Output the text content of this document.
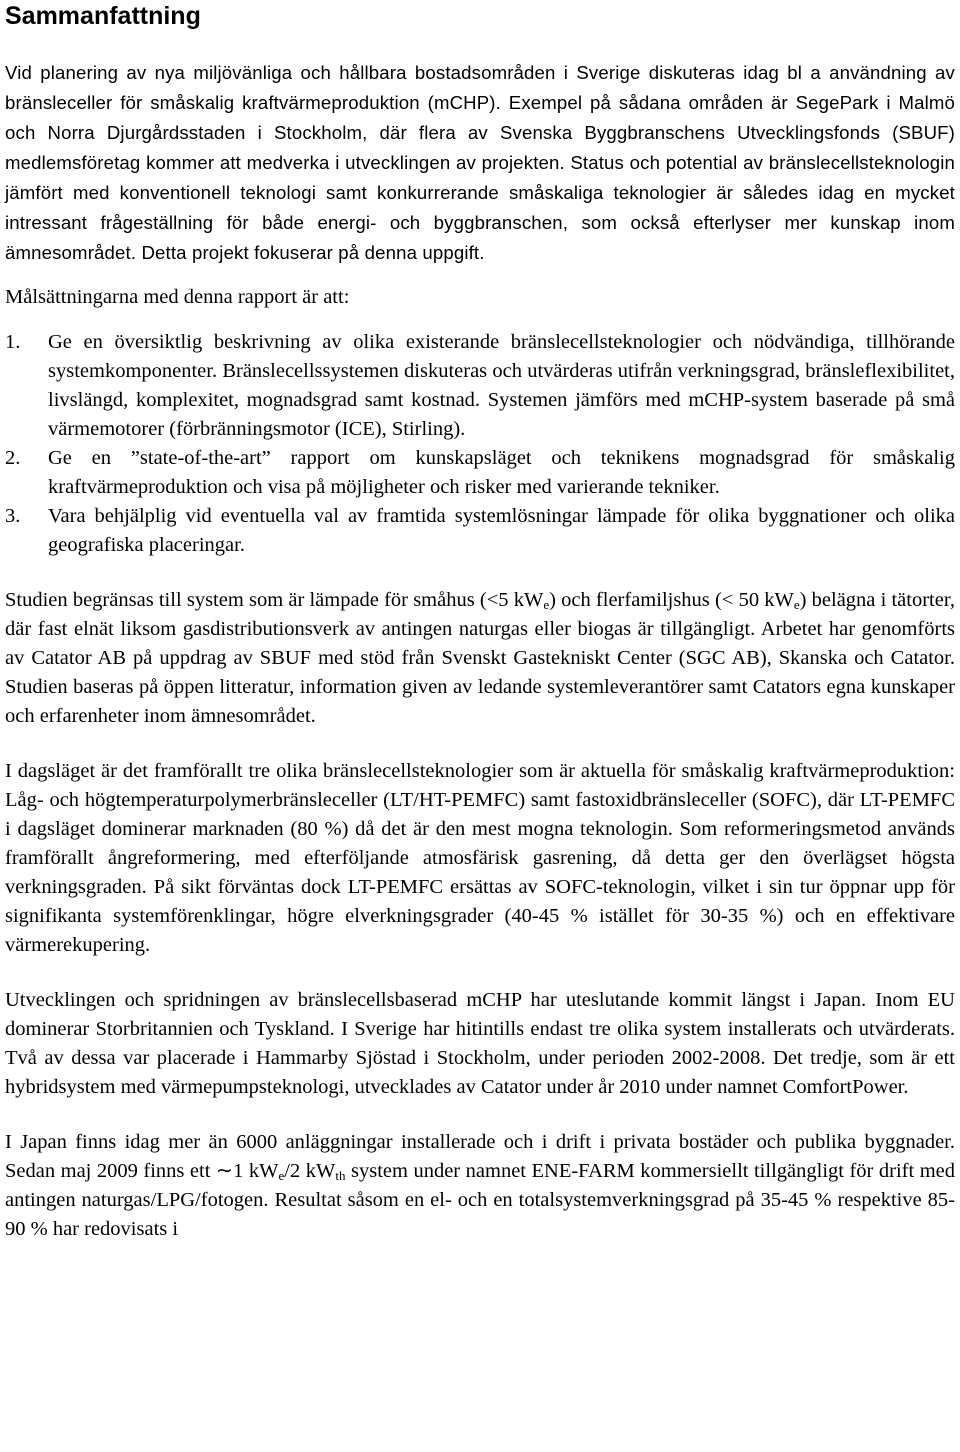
Sammanfattning

Vid planering av nya miljövänliga och hållbara bostadsområden i Sverige diskuteras idag bl a användning av bränsleceller för småskalig kraftvärmeproduktion (mCHP). Exempel på sådana områden är SegePark i Malmö och Norra Djurgårdsstaden i Stockholm, där flera av Svenska Byggbranschens Utvecklingsfonds (SBUF) medlemsföretag kommer att medverka i utvecklingen av projekten. Status och potential av bränslecellsteknologin jämfört med konventionell teknologi samt konkurrerande småskaliga teknologier är således idag en mycket intressant frågeställning för både energi- och byggbranschen, som också efterlyser mer kunskap inom ämnesområdet. Detta projekt fokuserar på denna uppgift.

Målsättningarna med denna rapport är att:

1.	Ge en översiktlig beskrivning av olika existerande bränslecellsteknologier och nödvändiga, tillhörande systemkomponenter. Bränslecellssystemen diskuteras och utvärderas utifrån verkningsgrad, bränsleflexibilitet, livslängd, komplexitet, mognadsgrad samt kostnad. Systemen jämförs med mCHP-system baserade på små värmemotorer (förbränningsmotor (ICE), Stirling).
2.	Ge en ”state-of-the-art” rapport om kunskapsläget och teknikens mognadsgrad för småskalig kraftvärmeproduktion och visa på möjligheter och risker med varierande tekniker.
3.	Vara behjälplig vid eventuella val av framtida systemlösningar lämpade för olika byggnationer och olika geografiska placeringar.

Studien begränsas till system som är lämpade för småhus (<5 $kW_e$) och flerfamiljshus (< 50 $kW_e$) belägna i tätorter, där fast elnät liksom gasdistributionsverk av antingen naturgas eller biogas är tillgängligt. Arbetet har genomförts av Catator AB på uppdrag av SBUF med stöd från Svenskt Gastekniskt Center (SGC AB), Skanska och Catator. Studien baseras på öppen litteratur, information given av ledande systemleverantörer samt Catators egna kunskaper och erfarenheter inom ämnesområdet.

I dagsläget är det framförallt tre olika bränslecellsteknologier som är aktuella för småskalig kraftvärmeproduktion: Låg- och högtemperaturpolymerbränsleceller (LT/HT-PEMFC) samt fastoxidbränsleceller (SOFC), där LT-PEMFC i dagsläget dominerar marknaden (80 %) då det är den mest mogna teknologin. Som reformeringsmetod används framförallt ångreformering, med efterföljande atmosfärisk gasrening, då detta ger den överlägset högsta verkningsgraden. På sikt förväntas dock LT-PEMFC ersättas av SOFC-teknologin, vilket i sin tur öppnar upp för signifikanta systemförenklingar, högre elverkningsgrader (40-45 % istället för 30-35 %) och en effektivare värmerekupering.

Utvecklingen och spridningen av bränslecellsbaserad mCHP har uteslutande kommit längst i Japan. Inom EU dominerar Storbritannien och Tyskland. I Sverige har hitintills endast tre olika system installerats och utvärderats. Två av dessa var placerade i Hammarby Sjöstad i Stockholm, under perioden 2002-2008. Det tredje, som är ett hybridsystem med värmepumpsteknologi, utvecklades av Catator under år 2010 under namnet ComfortPower.

I Japan finns idag mer än 6000 anläggningar installerade och i drift i privata bostäder och publika byggnader. Sedan maj 2009 finns ett ∼1 $kW_e/2$ $kW_{th}$ system under namnet ENE-FARM kommersiellt tillgängligt för drift med antingen naturgas/LPG/fotogen. Resultat såsom en el- och en totalsystemverkningsgrad på 35-45 % respektive 85-90 % har redovisats i
